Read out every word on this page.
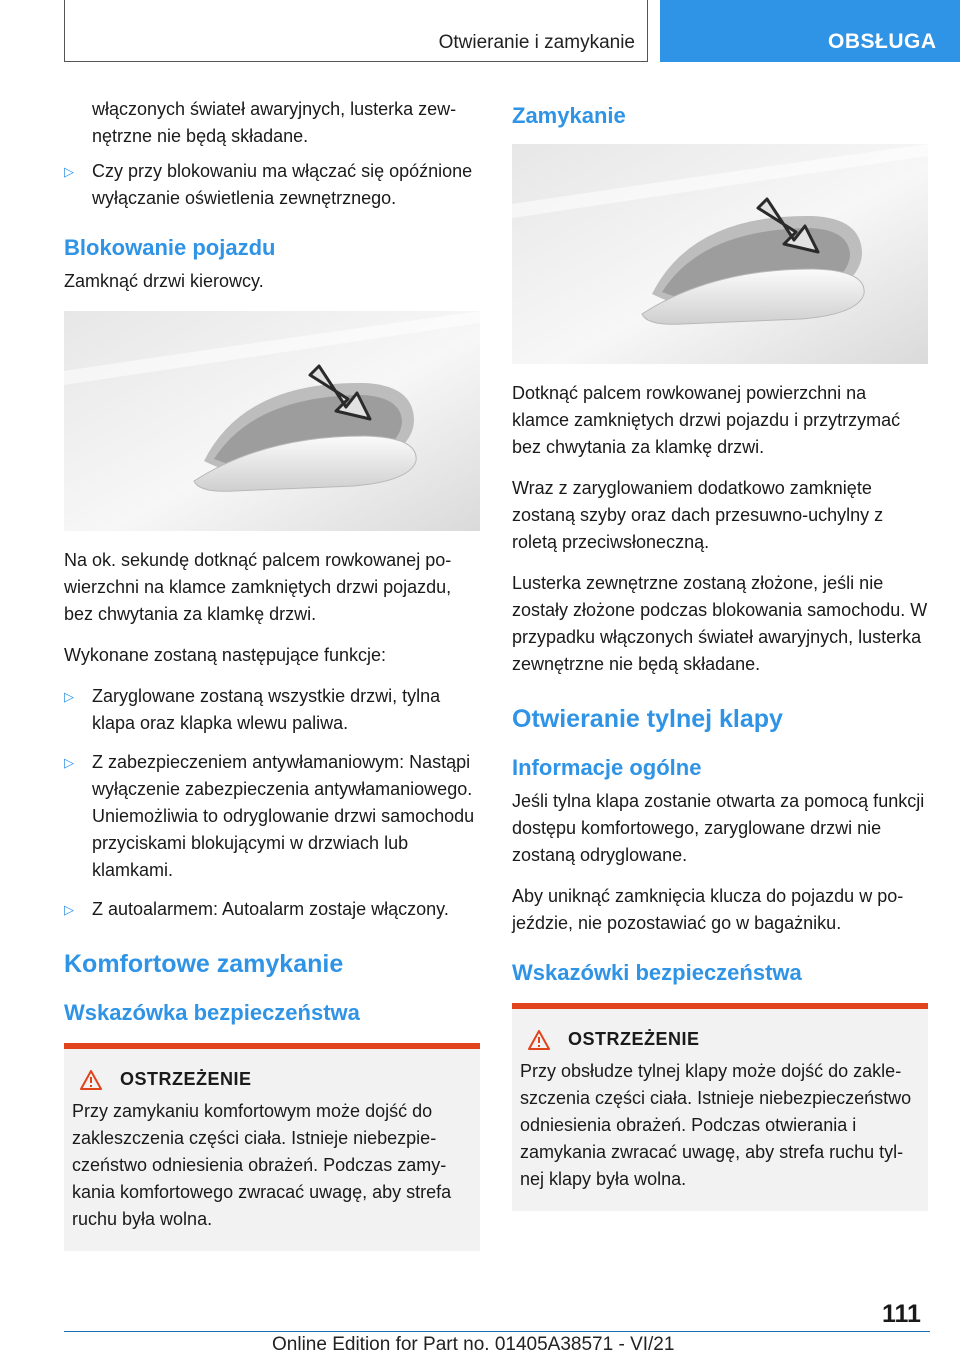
Otwieranie i zamykanie	OBSŁUGA

włączonych świateł awaryjnych, lusterka zewnętrzne nie będą składane.

▷ Czy przy blokowaniu ma włączać się opóźnione wyłączanie oświetlenia zewnętrznego.
Blokowanie pojazdu

Zamknąć drzwi kierowcy.

Na ok. sekundę dotknąć palcem rowkowanej powierzchni na klamce zamkniętych drzwi pojazdu, bez chwytania za klamkę drzwi.

Wykonane zostaną następujące funkcje:

▷ Zaryglowane zostaną wszystkie drzwi, tylna klapa oraz klapka wlewu paliwa.
▷ Z zabezpieczeniem antywłamaniowym: Nastąpi wyłączenie zabezpieczenia antywłamaniowego. Uniemożliwia to odryglowanie drzwi samochodu przyciskami blokującymi w drzwiach lub klamkami.
▷ Z autoalarmem: Autoalarm zostaje włączony.
Komfortowe zamykanie
Wskazówka bezpieczeństwa
OSTRZEŻENIE

Przy zamykaniu komfortowym może dojść do zakleszczenia części ciała. Istnieje niebezpieczeństwo odniesienia obrażeń. Podczas zamykania komfortowego zwracać uwagę, aby strefa ruchu była wolna.

Zamykanie

Dotknąć palcem rowkowanej powierzchni na klamce zamkniętych drzwi pojazdu i przytrzymać bez chwytania za klamkę drzwi.

Wraz z zaryglowaniem dodatkowo zamknięte zostaną szyby oraz dach przesuwno-uchylny z roletą przeciwsłoneczną.

Lusterka zewnętrzne zostaną złożone, jeśli nie zostały złożone podczas blokowania samochodu. W przypadku włączonych świateł awaryjnych, lusterka zewnętrzne nie będą składane.

Otwieranie tylnej klapy
Informacje ogólne

Jeśli tylna klapa zostanie otwarta za pomocą funkcji dostępu komfortowego, zaryglowane drzwi nie zostaną odryglowane.

Aby uniknąć zamknięcia klucza do pojazdu w pojeździe, nie pozostawiać go w bagażniku.

Wskazówki bezpieczeństwa
OSTRZEŻENIE

Przy obsłudze tylnej klapy może dojść do zakleszczenia części ciała. Istnieje niebezpieczeństwo odniesienia obrażeń. Podczas otwierania i zamykania zwracać uwagę, aby strefa ruchu tylnej klapy była wolna.

111
Online Edition for Part no. 01405A38571 - VI/21
